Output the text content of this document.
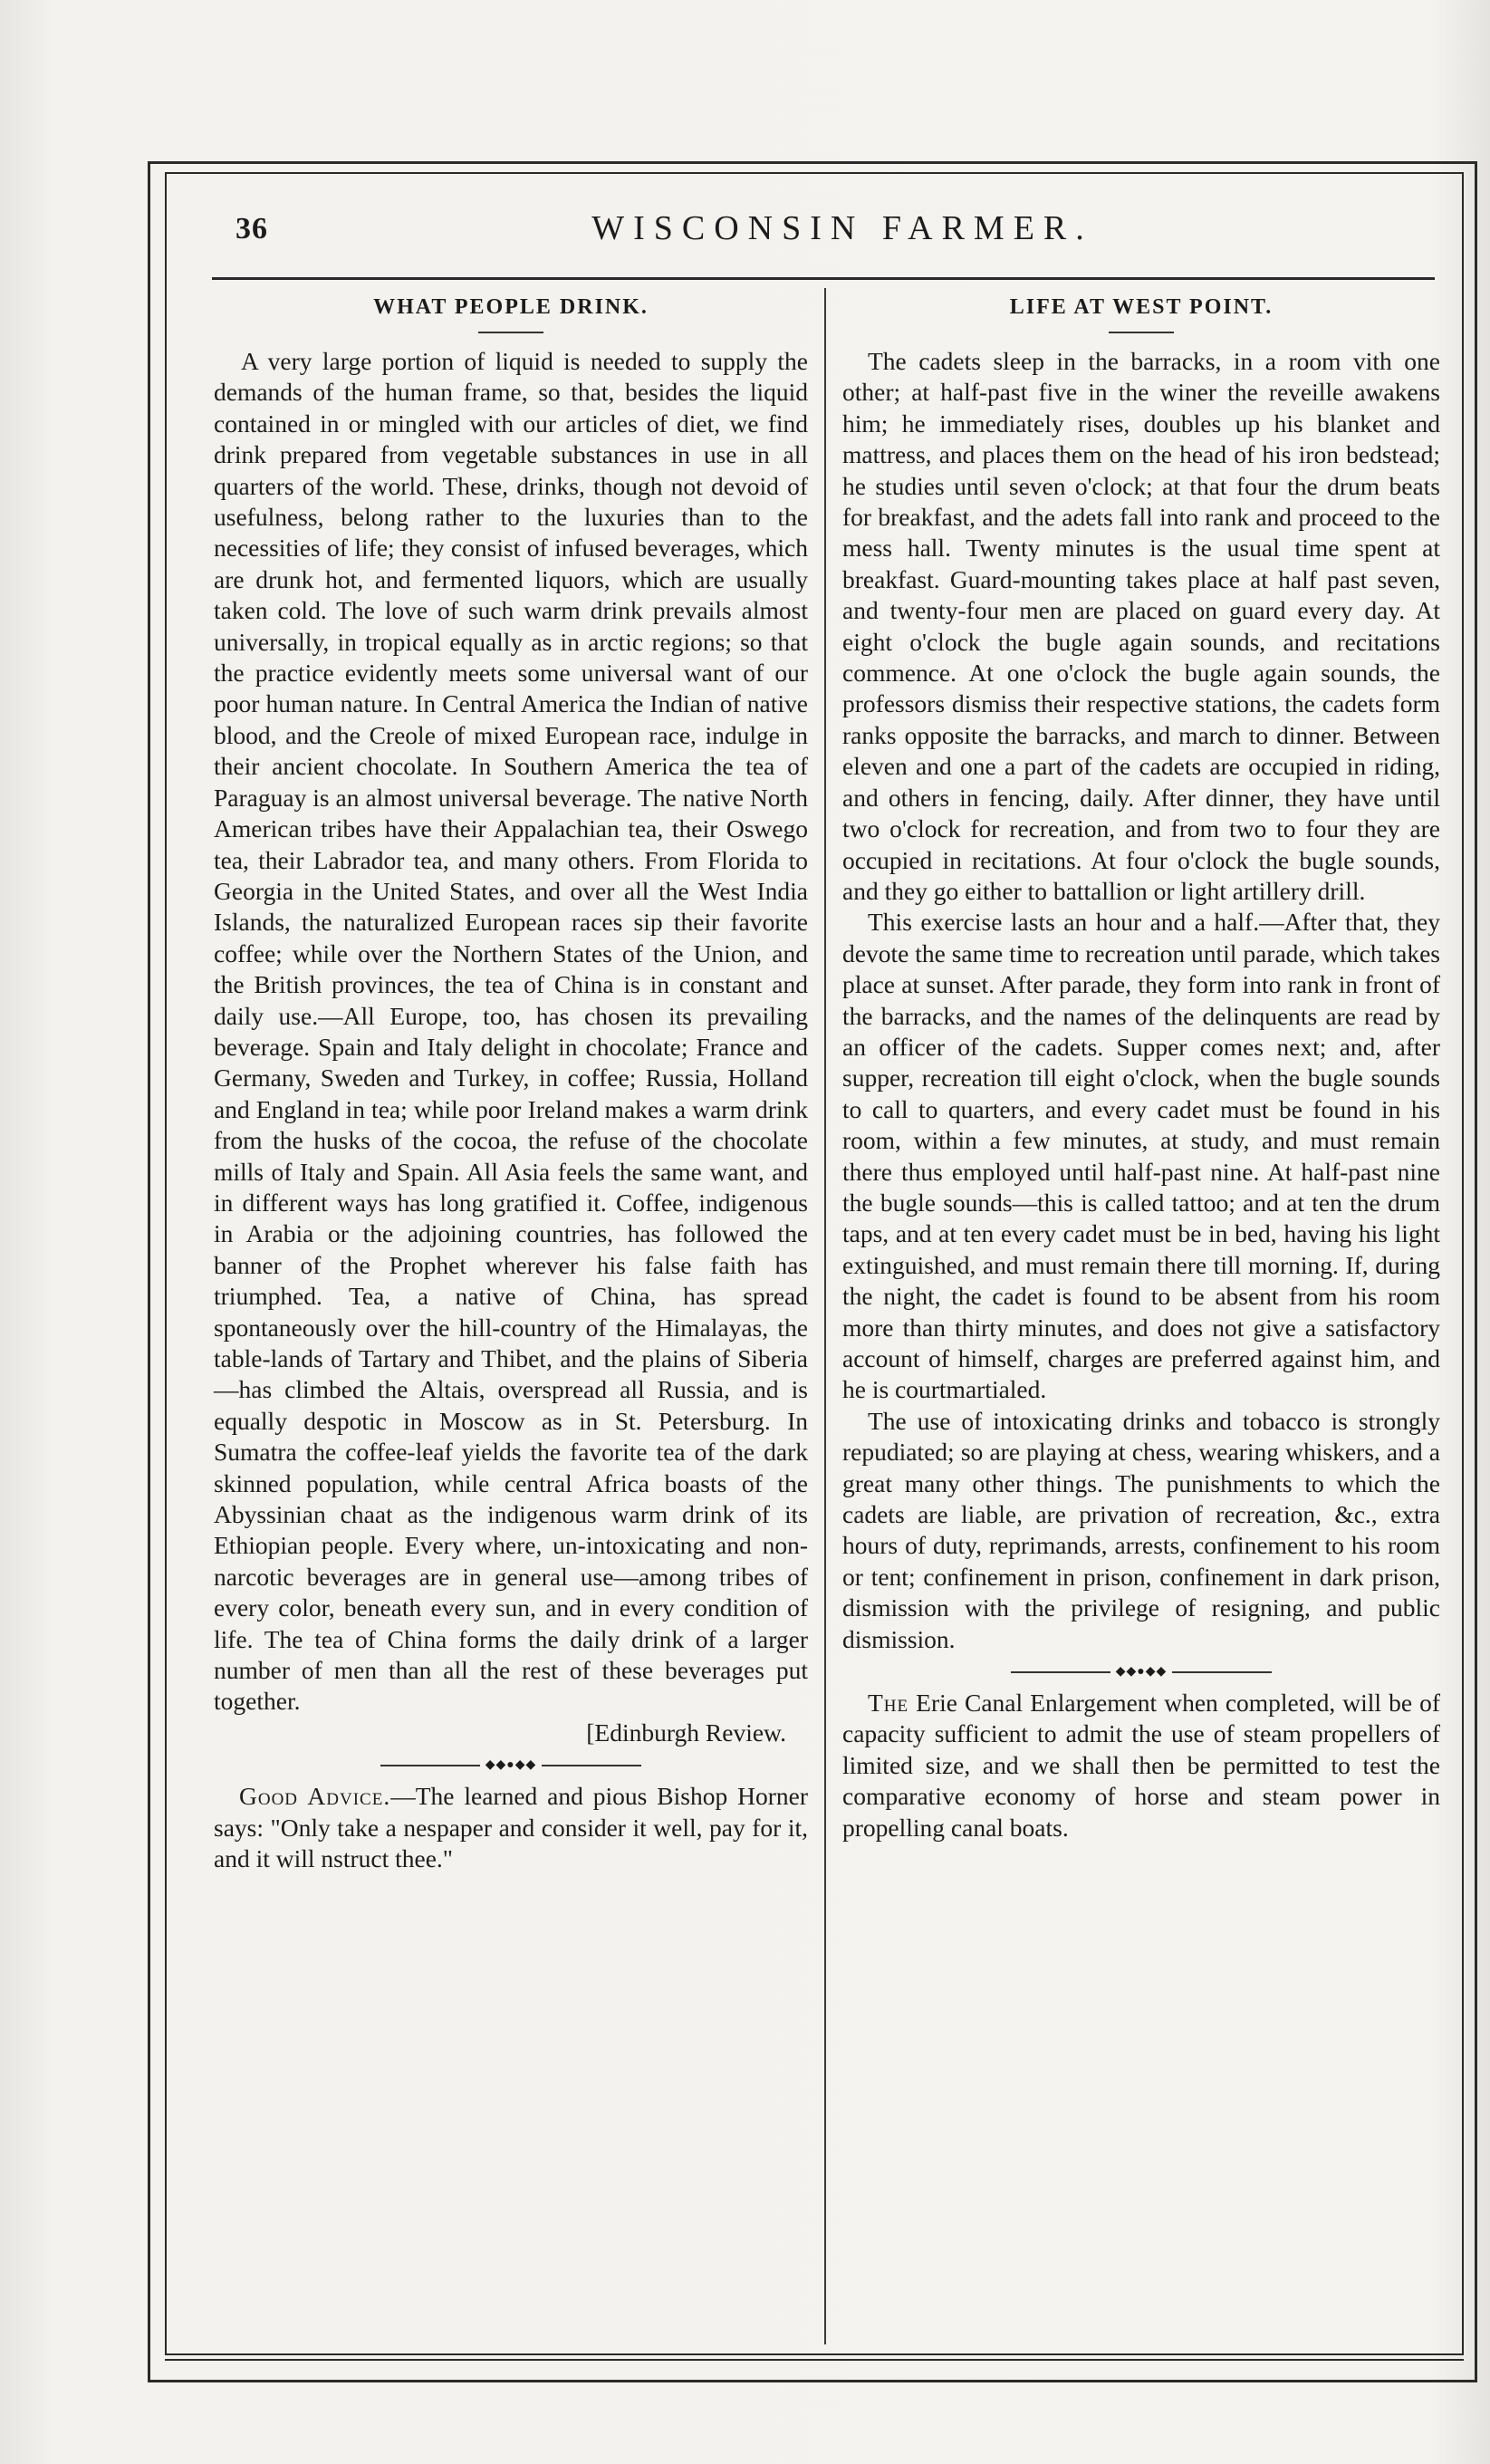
36	WISCONSIN FARMER.
WHAT PEOPLE DRINK.

A very large portion of liquid is needed to supply the demands of the human frame, so that, besides the liquid contained in or mingled with our articles of diet, we find drink prepared from vegetable substances in use in all quarters of the world. These, drinks, though not devoid of usefulness, belong rather to the luxuries than to the necessities of life; they consist of infused beverages, which are drunk hot, and fermented liquors, which are usually taken cold. The love of such warm drink prevails almost universally, in tropical equally as in arctic regions; so that the practice evidently meets some universal want of our poor human nature. In Central America the Indian of native blood, and the Creole of mixed European race, indulge in their ancient chocolate. In Southern America the tea of Paraguay is an almost universal beverage. The native North American tribes have their Appalachian tea, their Oswego tea, their Labrador tea, and many others. From Florida to Georgia in the United States, and over all the West India Islands, the naturalized European races sip their favorite coffee; while over the Northern States of the Union, and the British provinces, the tea of China is in constant and daily use.—All Europe, too, has chosen its prevailing beverage. Spain and Italy delight in chocolate; France and Germany, Sweden and Turkey, in coffee; Russia, Holland and England in tea; while poor Ireland makes a warm drink from the husks of the cocoa, the refuse of the chocolate mills of Italy and Spain. All Asia feels the same want, and in different ways has long gratified it. Coffee, indigenous in Arabia or the adjoining countries, has followed the banner of the Prophet wherever his false faith has triumphed. Tea, a native of China, has spread spontaneously over the hill-country of the Himalayas, the table-lands of Tartary and Thibet, and the plains of Siberia—has climbed the Altais, overspread all Russia, and is equally despotic in Moscow as in St. Petersburg. In Sumatra the coffee-leaf yields the favorite tea of the dark skinned population, while central Africa boasts of the Abyssinian chaat as the indigenous warm drink of its Ethiopian people. Every where, un-intoxicating and non-narcotic beverages are in general use—among tribes of every color, beneath every sun, and in every condition of life. The tea of China forms the daily drink of a larger number of men than all the rest of these beverages put together.

[Edinburgh Review.
◆◆●◆◆

Good Advice.—The learned and pious Bishop Horner says: "Only take a nespaper and consider it well, pay for it, and it will nstruct thee."

LIFE AT WEST POINT.

The cadets sleep in the barracks, in a room vith one other; at half-past five in the winer the reveille awakens him; he immediately rises, doubles up his blanket and mattress, and places them on the head of his iron bedstead; he studies until seven o'clock; at that four the drum beats for breakfast, and the adets fall into rank and proceed to the mess hall. Twenty minutes is the usual time spent at breakfast. Guard-mounting takes place at half past seven, and twenty-four men are placed on guard every day. At eight o'clock the bugle again sounds, and recitations commence. At one o'clock the bugle again sounds, the professors dismiss their respective stations, the cadets form ranks opposite the barracks, and march to dinner. Between eleven and one a part of the cadets are occupied in riding, and others in fencing, daily. After dinner, they have until two o'clock for recreation, and from two to four they are occupied in recitations. At four o'clock the bugle sounds, and they go either to battallion or light artillery drill.

This exercise lasts an hour and a half.—After that, they devote the same time to recreation until parade, which takes place at sunset. After parade, they form into rank in front of the barracks, and the names of the delinquents are read by an officer of the cadets. Supper comes next; and, after supper, recreation till eight o'clock, when the bugle sounds to call to quarters, and every cadet must be found in his room, within a few minutes, at study, and must remain there thus employed until half-past nine. At half-past nine the bugle sounds—this is called tattoo; and at ten the drum taps, and at ten every cadet must be in bed, having his light extinguished, and must remain there till morning. If, during the night, the cadet is found to be absent from his room more than thirty minutes, and does not give a satisfactory account of himself, charges are preferred against him, and he is courtmartialed.

The use of intoxicating drinks and tobacco is strongly repudiated; so are playing at chess, wearing whiskers, and a great many other things. The punishments to which the cadets are liable, are privation of recreation, &c., extra hours of duty, reprimands, arrests, confinement to his room or tent; confinement in prison, confinement in dark prison, dismission with the privilege of resigning, and public dismission.

◆◆●◆◆

The Erie Canal Enlargement when completed, will be of capacity sufficient to admit the use of steam propellers of limited size, and we shall then be permitted to test the comparative economy of horse and steam power in propelling canal boats.
